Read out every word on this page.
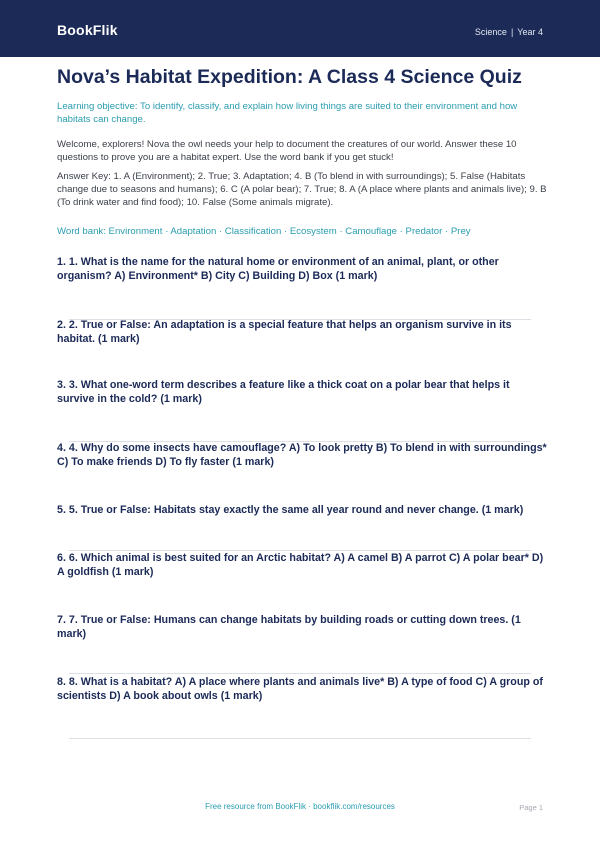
BookFlik	Science | Year 4
Nova’s Habitat Expedition: A Class 4 Science Quiz
Learning objective: To identify, classify, and explain how living things are suited to their environment and how habitats can change.
Welcome, explorers! Nova the owl needs your help to document the creatures of our world. Answer these 10 questions to prove you are a habitat expert. Use the word bank if you get stuck!
Answer Key: 1. A (Environment); 2. True; 3. Adaptation; 4. B (To blend in with surroundings); 5. False (Habitats change due to seasons and humans); 6. C (A polar bear); 7. True; 8. A (A place where plants and animals live); 9. B (To drink water and find food); 10. False (Some animals migrate).
Word bank: Environment · Adaptation · Classification · Ecosystem · Camouflage · Predator · Prey

1. 1. What is the name for the natural home or environment of an animal, plant, or other organism? A) Environment* B) City C) Building D) Box (1 mark)

2. 2. True or False: An adaptation is a special feature that helps an organism survive in its habitat. (1 mark)

3. 3. What one-word term describes a feature like a thick coat on a polar bear that helps it survive in the cold? (1 mark)

4. 4. Why do some insects have camouflage? A) To look pretty B) To blend in with surroundings* C) To make friends D) To fly faster (1 mark)

5. 5. True or False: Habitats stay exactly the same all year round and never change. (1 mark)

6. 6. Which animal is best suited for an Arctic habitat? A) A camel B) A parrot C) A polar bear* D) A goldfish (1 mark)

7. 7. True or False: Humans can change habitats by building roads or cutting down trees. (1 mark)

8. 8. What is a habitat? A) A place where plants and animals live* B) A type of food C) A group of scientists D) A book about owls (1 mark)

Free resource from BookFlik · bookflik.com/resources	Page 1
